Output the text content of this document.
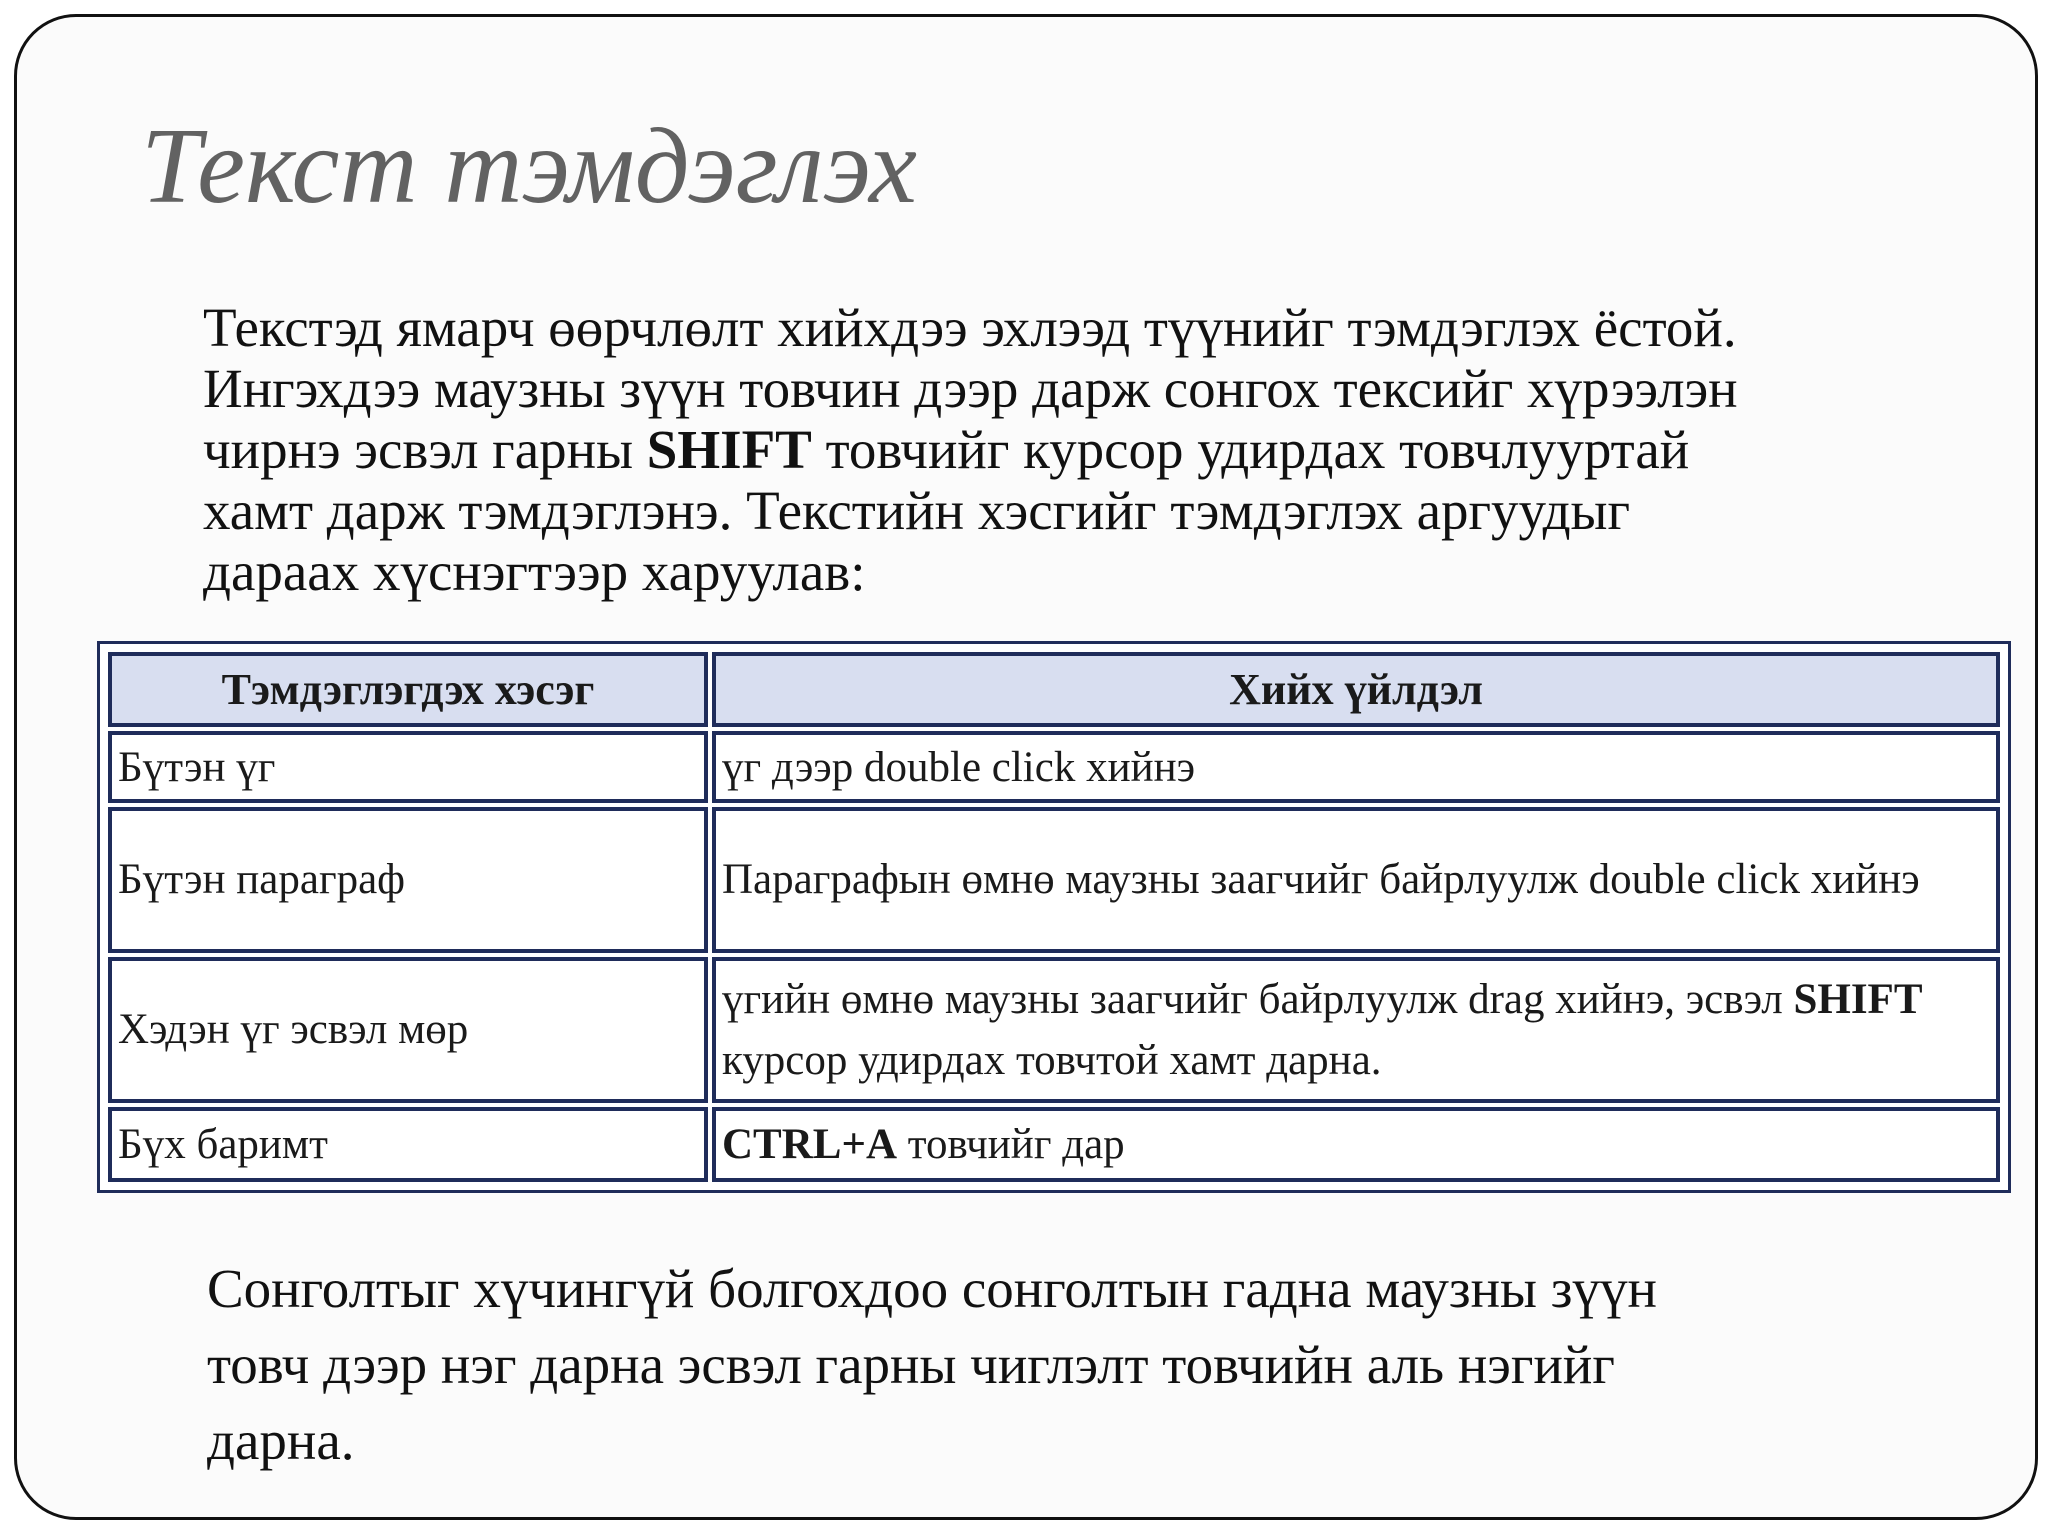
Текст тэмдэглэх

Текстэд ямарч өөрчлөлт хийхдээ эхлээд түүнийг тэмдэглэх ёстой.
Ингэхдээ маузны зүүн товчин дээр дарж сонгох тексийг хүрээлэн
чирнэ эсвэл гарны SHIFT товчийг курсор удирдах товчлууртай
хамт дарж тэмдэглэнэ. Текстийн хэсгийг тэмдэглэх аргуудыг
дараах хүснэгтээр харуулав:

Тэмдэглэгдэх хэсэг	Хийх үйлдэл
Бүтэн үг	үг дээр double click хийнэ
Бүтэн параграф	Параграфын өмнө маузны заагчийг байрлуулж double click хийнэ
Хэдэн үг эсвэл мөр	үгийн өмнө маузны заагчийг байрлуулж drag хийнэ, эсвэл SHIFT курсор удирдах товчтой хамт дарна.
Бүх баримт	CTRL+A товчийг дар

Сонголтыг хүчингүй болгохдоо сонголтын гадна маузны зүүн
товч дээр нэг дарна эсвэл гарны чиглэлт товчийн аль нэгийг
дарна.
